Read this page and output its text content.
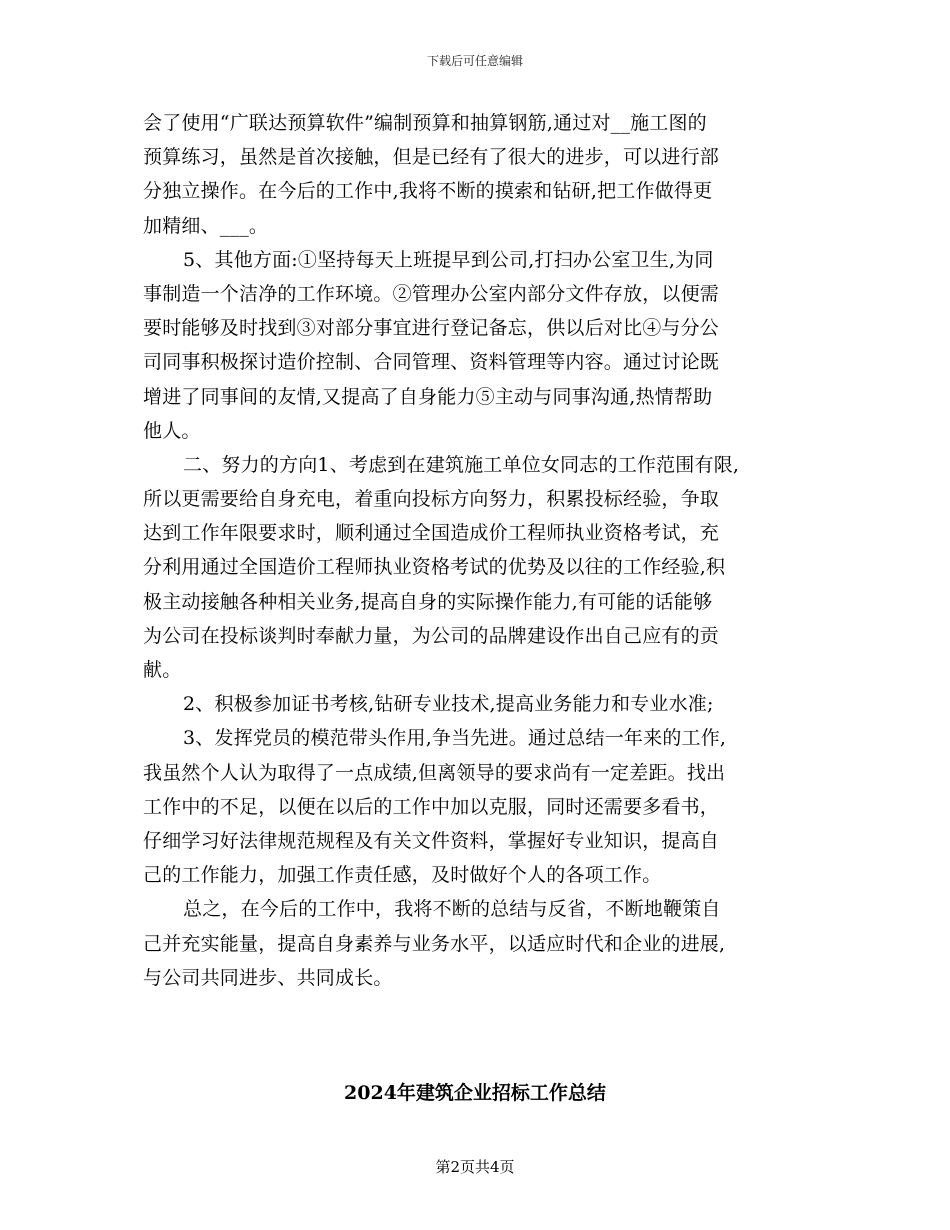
下载后可任意编辑
会了使用“广联达预算软件”编制预算和抽算钢筋,通过对__施工图的
预算练习，虽然是首次接触，但是已经有了很大的进步，可以进行部
分独立操作。在今后的工作中,我将不断的摸索和钻研,把工作做得更
加精细、___。
5、其他方面:①坚持每天上班提早到公司,打扫办公室卫生,为同
事制造一个洁净的工作环境。②管理办公室内部分文件存放，以便需
要时能够及时找到③对部分事宜进行登记备忘，供以后对比④与分公
司同事积极探讨造价控制、合同管理、资料管理等内容。通过讨论既
增进了同事间的友情,又提高了自身能力⑤主动与同事沟通,热情帮助
他人。
二、努力的方向1、考虑到在建筑施工单位女同志的工作范围有限,
所以更需要给自身充电，着重向投标方向努力，积累投标经验，争取
达到工作年限要求时，顺利通过全国造成价工程师执业资格考试，充
分利用通过全国造价工程师执业资格考试的优势及以往的工作经验,积
极主动接触各种相关业务,提高自身的实际操作能力,有可能的话能够
为公司在投标谈判时奉献力量，为公司的品牌建设作出自己应有的贡
献。
2、积极参加证书考核,钻研专业技术,提高业务能力和专业水准;
3、发挥党员的模范带头作用,争当先进。通过总结一年来的工作,
我虽然个人认为取得了一点成绩,但离领导的要求尚有一定差距。找出
工作中的不足，以便在以后的工作中加以克服，同时还需要多看书，
仔细学习好法律规范规程及有关文件资料，掌握好专业知识，提高自
己的工作能力，加强工作责任感，及时做好个人的各项工作。
总之，在今后的工作中，我将不断的总结与反省，不断地鞭策自
己并充实能量，提高自身素养与业务水平，以适应时代和企业的进展,
与公司共同进步、共同成长。
2024年建筑企业招标工作总结
第2页共4页
